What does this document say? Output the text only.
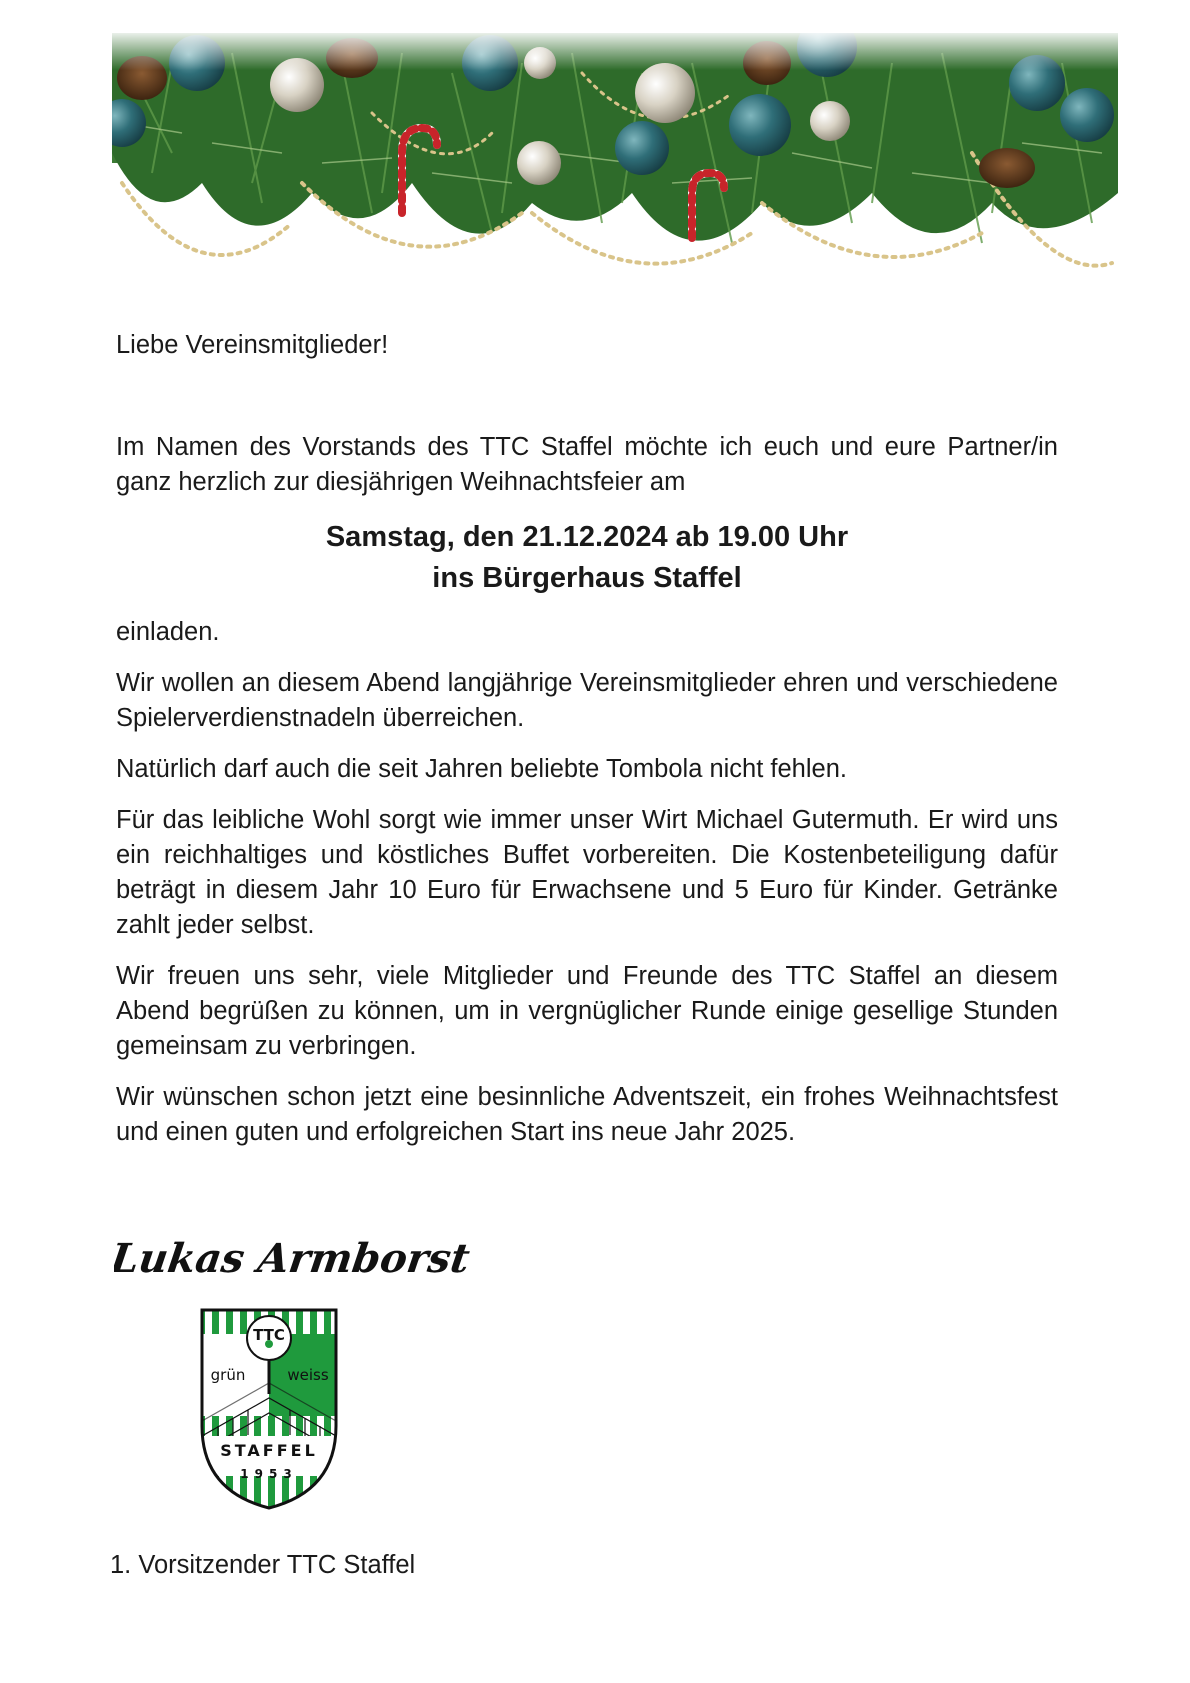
Liebe Vereinsmitglieder!
Im Namen des Vorstands des TTC Staffel möchte ich euch und eure Partner/in ganz herzlich zur diesjährigen Weihnachtsfeier am
Samstag, den 21.12.2024 ab 19.00 Uhr
ins Bürgerhaus Staffel

einladen.

Wir wollen an diesem Abend langjährige Vereinsmitglieder ehren und verschiedene Spielerverdienstnadeln überreichen.

Natürlich darf auch die seit Jahren beliebte Tombola nicht fehlen.

Für das leibliche Wohl sorgt wie immer unser Wirt Michael Gutermuth. Er wird uns ein reichhaltiges und köstliches Buffet vorbereiten. Die Kostenbeteiligung dafür beträgt in diesem Jahr 10 Euro für Erwachsene und 5 Euro für Kinder. Getränke zahlt jeder selbst.

Wir freuen uns sehr, viele Mitglieder und Freunde des TTC Staffel an diesem Abend begrüßen zu können, um in vergnüglicher Runde einige gesellige Stunden gemeinsam zu verbringen.

Wir wünschen schon jetzt eine besinnliche Adventszeit, ein frohes Weihnachtsfest und einen guten und erfolgreichen Start ins neue Jahr 2025.

Lukas Armborst
TTC
grün	weiss
STAFFEL
1953
1. Vorsitzender TTC Staffel
